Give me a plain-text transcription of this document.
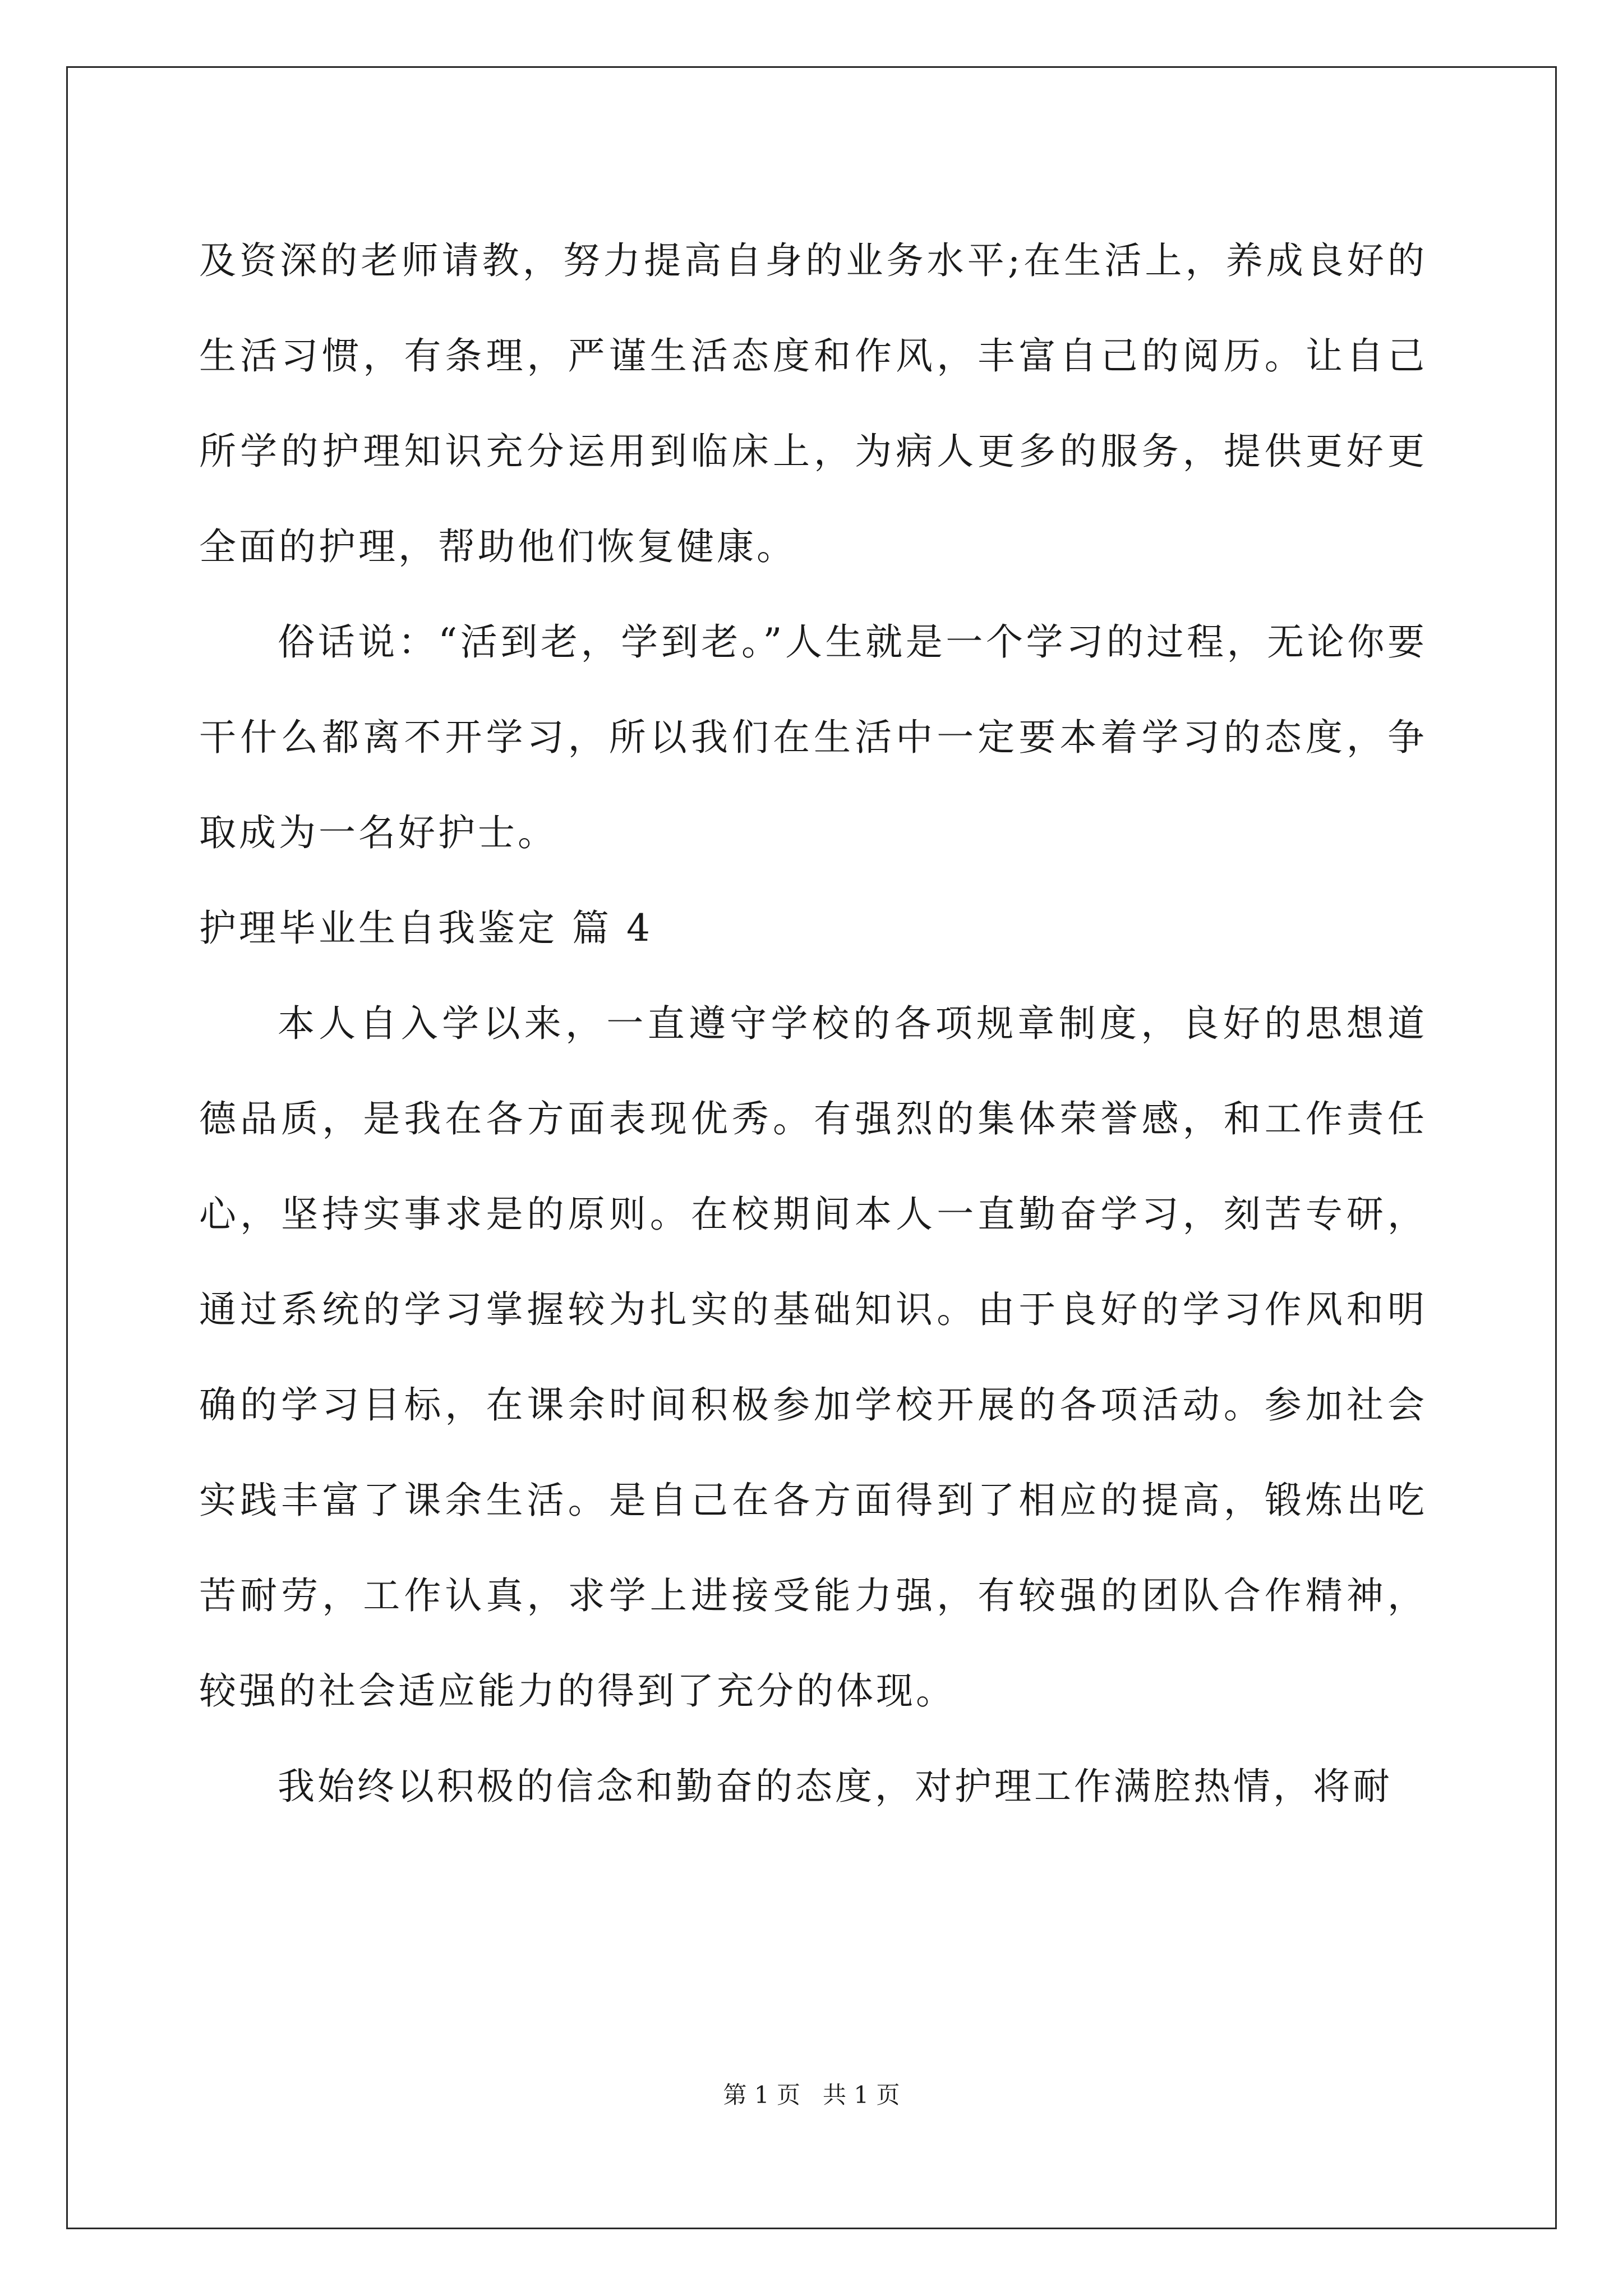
及资深的老师请教，努力提高自身的业务水平;在生活上，养成良好的生活习惯，有条理，严谨生活态度和作风，丰富自己的阅历。让自己所学的护理知识充分运用到临床上，为病人更多的服务，提供更好更全面的护理，帮助他们恢复健康。

俗话说：“活到老，学到老。”人生就是一个学习的过程，无论你要干什么都离不开学习，所以我们在生活中一定要本着学习的态度，争取成为一名好护士。

护理毕业生自我鉴定 篇 4

本人自入学以来，一直遵守学校的各项规章制度，良好的思想道德品质，是我在各方面表现优秀。有强烈的集体荣誉感，和工作责任心，坚持实事求是的原则。在校期间本人一直勤奋学习，刻苦专研，通过系统的学习掌握较为扎实的基础知识。由于良好的学习作风和明确的学习目标，在课余时间积极参加学校开展的各项活动。参加社会实践丰富了课余生活。是自己在各方面得到了相应的提高，锻炼出吃苦耐劳，工作认真，求学上进接受能力强，有较强的团队合作精神，较强的社会适应能力的得到了充分的体现。

我始终以积极的信念和勤奋的态度，对护理工作满腔热情，将耐

第 1 页   共 1 页
